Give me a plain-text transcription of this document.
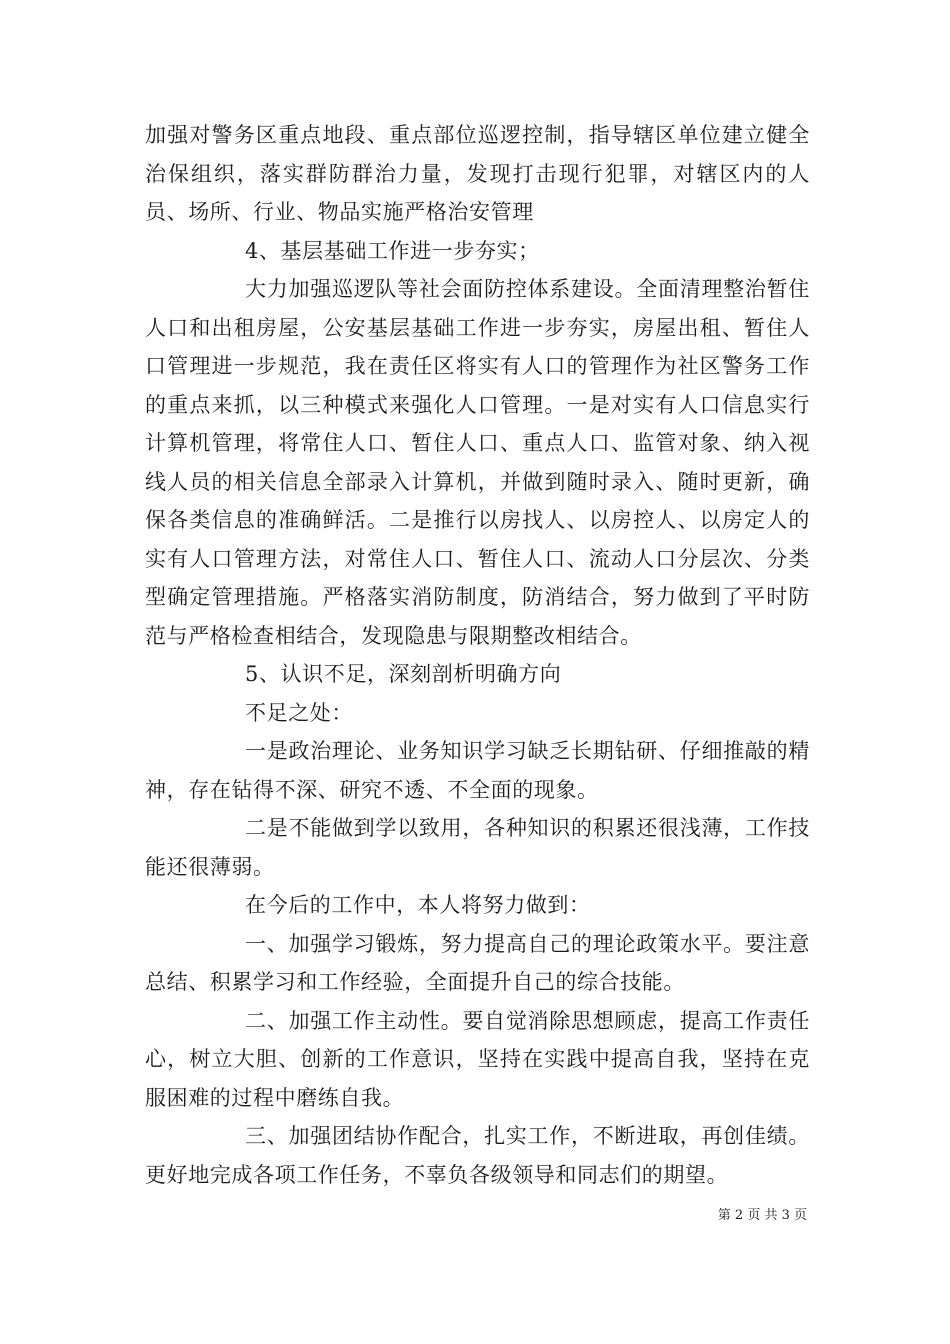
加强对警务区重点地段、重点部位巡逻控制，指导辖区单位建立健全治保组织，落实群防群治力量，发现打击现行犯罪，对辖区内的人员、场所、行业、物品实施严格治安管理

4、基层基础工作进一步夯实；

大力加强巡逻队等社会面防控体系建设。全面清理整治暂住人口和出租房屋，公安基层基础工作进一步夯实，房屋出租、暂住人口管理进一步规范，我在责任区将实有人口的管理作为社区警务工作的重点来抓，以三种模式来强化人口管理。一是对实有人口信息实行计算机管理，将常住人口、暂住人口、重点人口、监管对象、纳入视线人员的相关信息全部录入计算机，并做到随时录入、随时更新，确保各类信息的准确鲜活。二是推行以房找人、以房控人、以房定人的实有人口管理方法，对常住人口、暂住人口、流动人口分层次、分类型确定管理措施。严格落实消防制度，防消结合，努力做到了平时防范与严格检查相结合，发现隐患与限期整改相结合。

5、认识不足，深刻剖析明确方向

不足之处：

一是政治理论、业务知识学习缺乏长期钻研、仔细推敲的精神，存在钻得不深、研究不透、不全面的现象。

二是不能做到学以致用，各种知识的积累还很浅薄，工作技能还很薄弱。

在今后的工作中，本人将努力做到：

一、加强学习锻炼，努力提高自己的理论政策水平。要注意总结、积累学习和工作经验，全面提升自己的综合技能。

二、加强工作主动性。要自觉消除思想顾虑，提高工作责任心，树立大胆、创新的工作意识，坚持在实践中提高自我，坚持在克服困难的过程中磨练自我。

三、加强团结协作配合，扎实工作，不断进取，再创佳绩。更好地完成各项工作任务，不辜负各级领导和同志们的期望。

第 2 页 共 3 页
